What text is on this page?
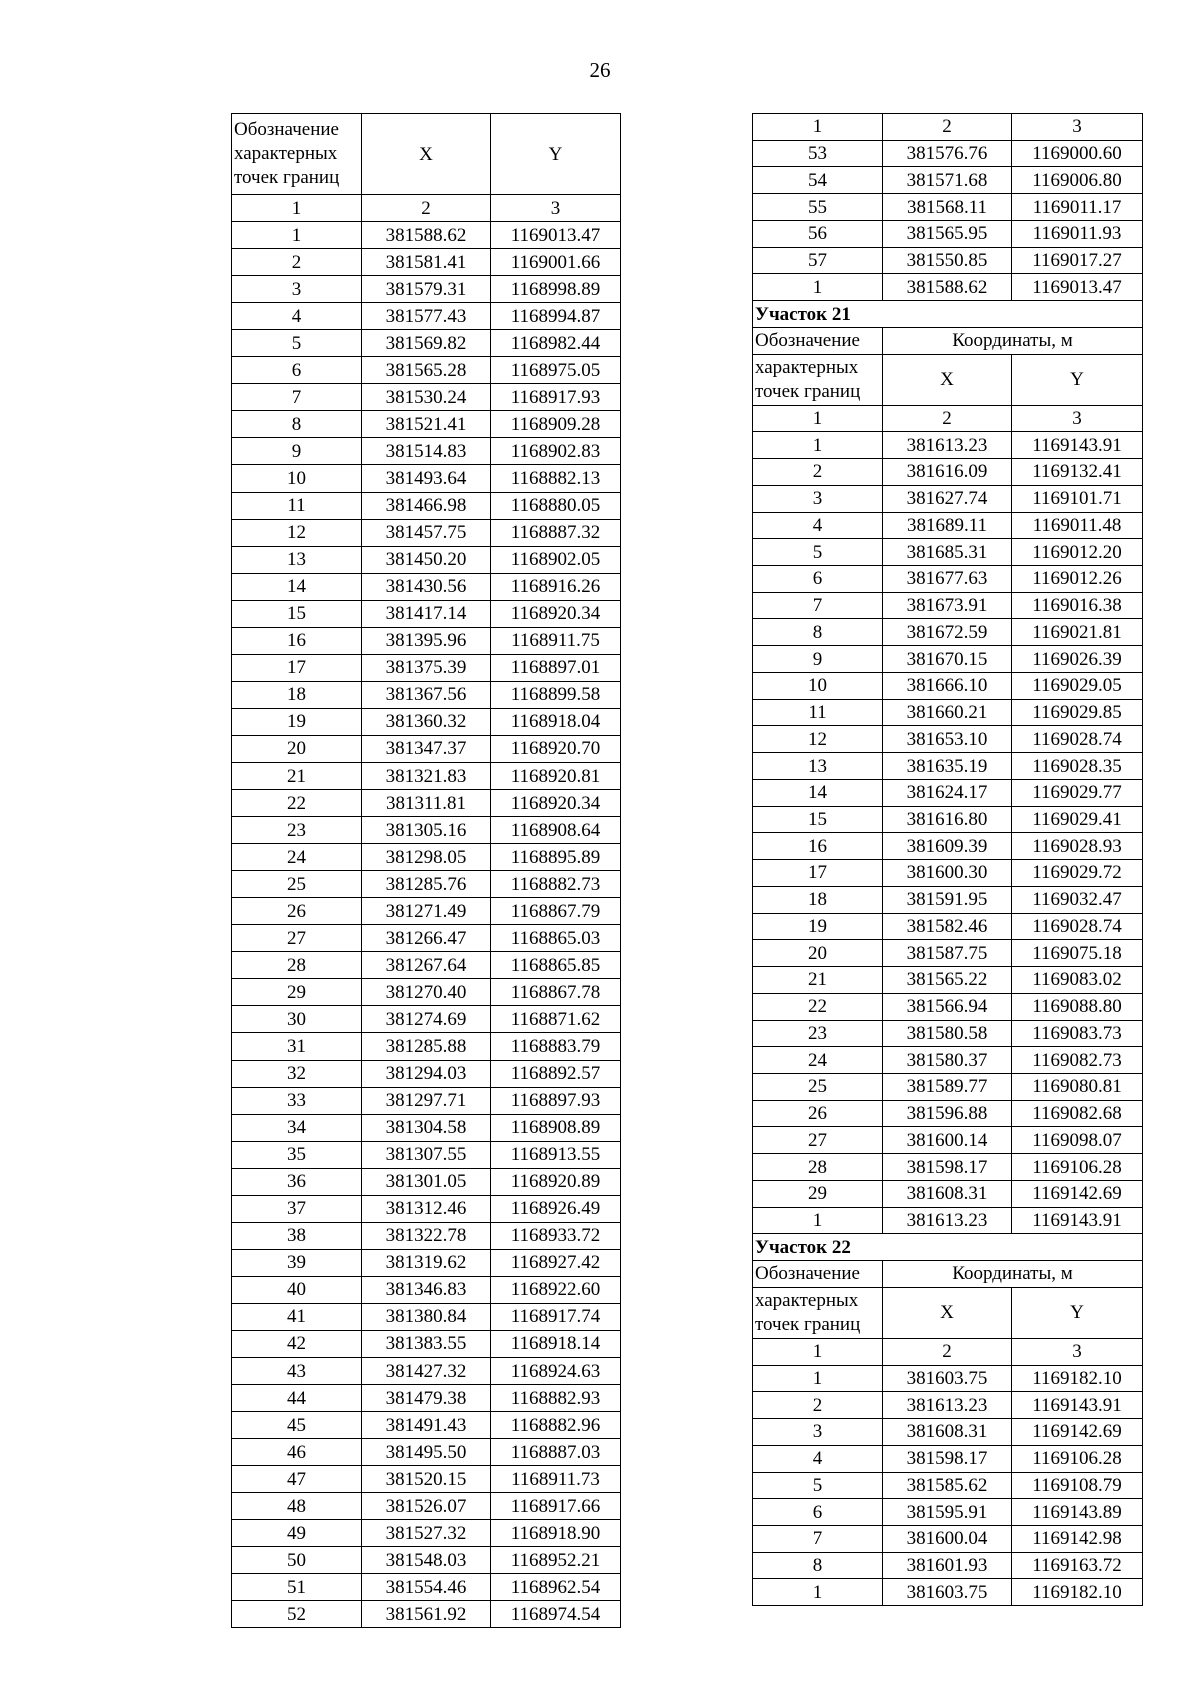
26
Обозначение характерных точек границ	X	Y
1	2	3
1	381588.62	1169013.47
2	381581.41	1169001.66
3	381579.31	1168998.89
4	381577.43	1168994.87
5	381569.82	1168982.44
6	381565.28	1168975.05
7	381530.24	1168917.93
8	381521.41	1168909.28
9	381514.83	1168902.83
10	381493.64	1168882.13
11	381466.98	1168880.05
12	381457.75	1168887.32
13	381450.20	1168902.05
14	381430.56	1168916.26
15	381417.14	1168920.34
16	381395.96	1168911.75
17	381375.39	1168897.01
18	381367.56	1168899.58
19	381360.32	1168918.04
20	381347.37	1168920.70
21	381321.83	1168920.81
22	381311.81	1168920.34
23	381305.16	1168908.64
24	381298.05	1168895.89
25	381285.76	1168882.73
26	381271.49	1168867.79
27	381266.47	1168865.03
28	381267.64	1168865.85
29	381270.40	1168867.78
30	381274.69	1168871.62
31	381285.88	1168883.79
32	381294.03	1168892.57
33	381297.71	1168897.93
34	381304.58	1168908.89
35	381307.55	1168913.55
36	381301.05	1168920.89
37	381312.46	1168926.49
38	381322.78	1168933.72
39	381319.62	1168927.42
40	381346.83	1168922.60
41	381380.84	1168917.74
42	381383.55	1168918.14
43	381427.32	1168924.63
44	381479.38	1168882.93
45	381491.43	1168882.96
46	381495.50	1168887.03
47	381520.15	1168911.73
48	381526.07	1168917.66
49	381527.32	1168918.90
50	381548.03	1168952.21
51	381554.46	1168962.54
52	381561.92	1168974.54
1	2	3
53	381576.76	1169000.60
54	381571.68	1169006.80
55	381568.11	1169011.17
56	381565.95	1169011.93
57	381550.85	1169017.27
1	381588.62	1169013.47
Участок 21		
Обозначение	Координаты, м	

характерных
точек границ	X	Y
1	2	3
1	381613.23	1169143.91
2	381616.09	1169132.41
3	381627.74	1169101.71
4	381689.11	1169011.48
5	381685.31	1169012.20
6	381677.63	1169012.26
7	381673.91	1169016.38
8	381672.59	1169021.81
9	381670.15	1169026.39
10	381666.10	1169029.05
11	381660.21	1169029.85
12	381653.10	1169028.74
13	381635.19	1169028.35
14	381624.17	1169029.77
15	381616.80	1169029.41
16	381609.39	1169028.93
17	381600.30	1169029.72
18	381591.95	1169032.47
19	381582.46	1169028.74
20	381587.75	1169075.18
21	381565.22	1169083.02
22	381566.94	1169088.80
23	381580.58	1169083.73
24	381580.37	1169082.73
25	381589.77	1169080.81
26	381596.88	1169082.68
27	381600.14	1169098.07
28	381598.17	1169106.28
29	381608.31	1169142.69
1	381613.23	1169143.91
Участок 22		
Обозначение	Координаты, м	

характерных
точек границ	X	Y
1	2	3
1	381603.75	1169182.10
2	381613.23	1169143.91
3	381608.31	1169142.69
4	381598.17	1169106.28
5	381585.62	1169108.79
6	381595.91	1169143.89
7	381600.04	1169142.98
8	381601.93	1169163.72
1	381603.75	1169182.10
